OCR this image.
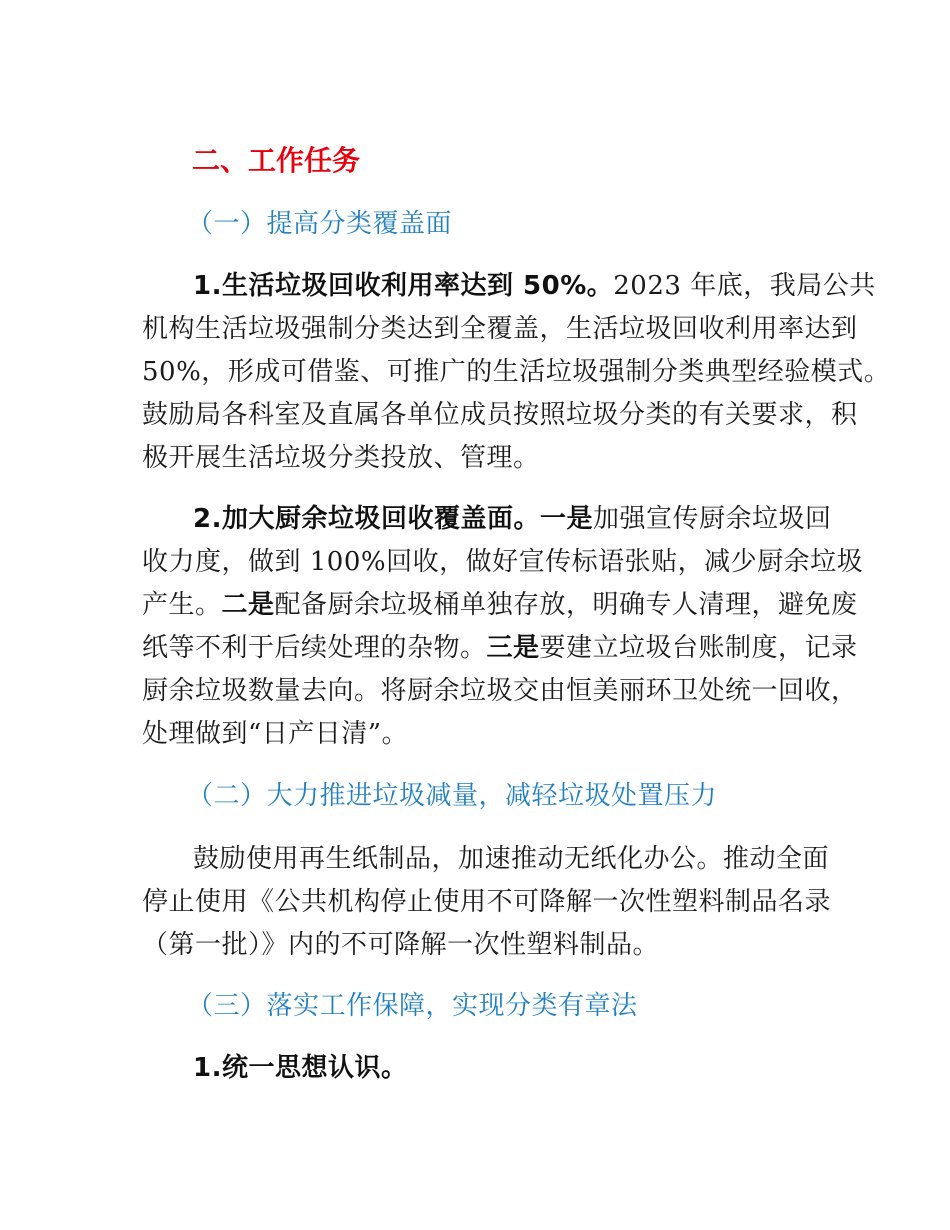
二、工作任务
（一）提高分类覆盖面
1.生活垃圾回收利用率达到 50%。2023 年底，我局公共
机构生活垃圾强制分类达到全覆盖，生活垃圾回收利用率达到
50%，形成可借鉴、可推广的生活垃圾强制分类典型经验模式。
鼓励局各科室及直属各单位成员按照垃圾分类的有关要求，积
极开展生活垃圾分类投放、管理。
2.加大厨余垃圾回收覆盖面。一是加强宣传厨余垃圾回
收力度，做到 100%回收，做好宣传标语张贴，减少厨余垃圾
产生。二是配备厨余垃圾桶单独存放，明确专人清理，避免废
纸等不利于后续处理的杂物。三是要建立垃圾台账制度，记录
厨余垃圾数量去向。将厨余垃圾交由恒美丽环卫处统一回收，
处理做到“日产日清”。
（二）大力推进垃圾减量，减轻垃圾处置压力
鼓励使用再生纸制品，加速推动无纸化办公。推动全面
停止使用《公共机构停止使用不可降解一次性塑料制品名录
（第一批）》内的不可降解一次性塑料制品。
（三）落实工作保障，实现分类有章法
1.统一思想认识。
